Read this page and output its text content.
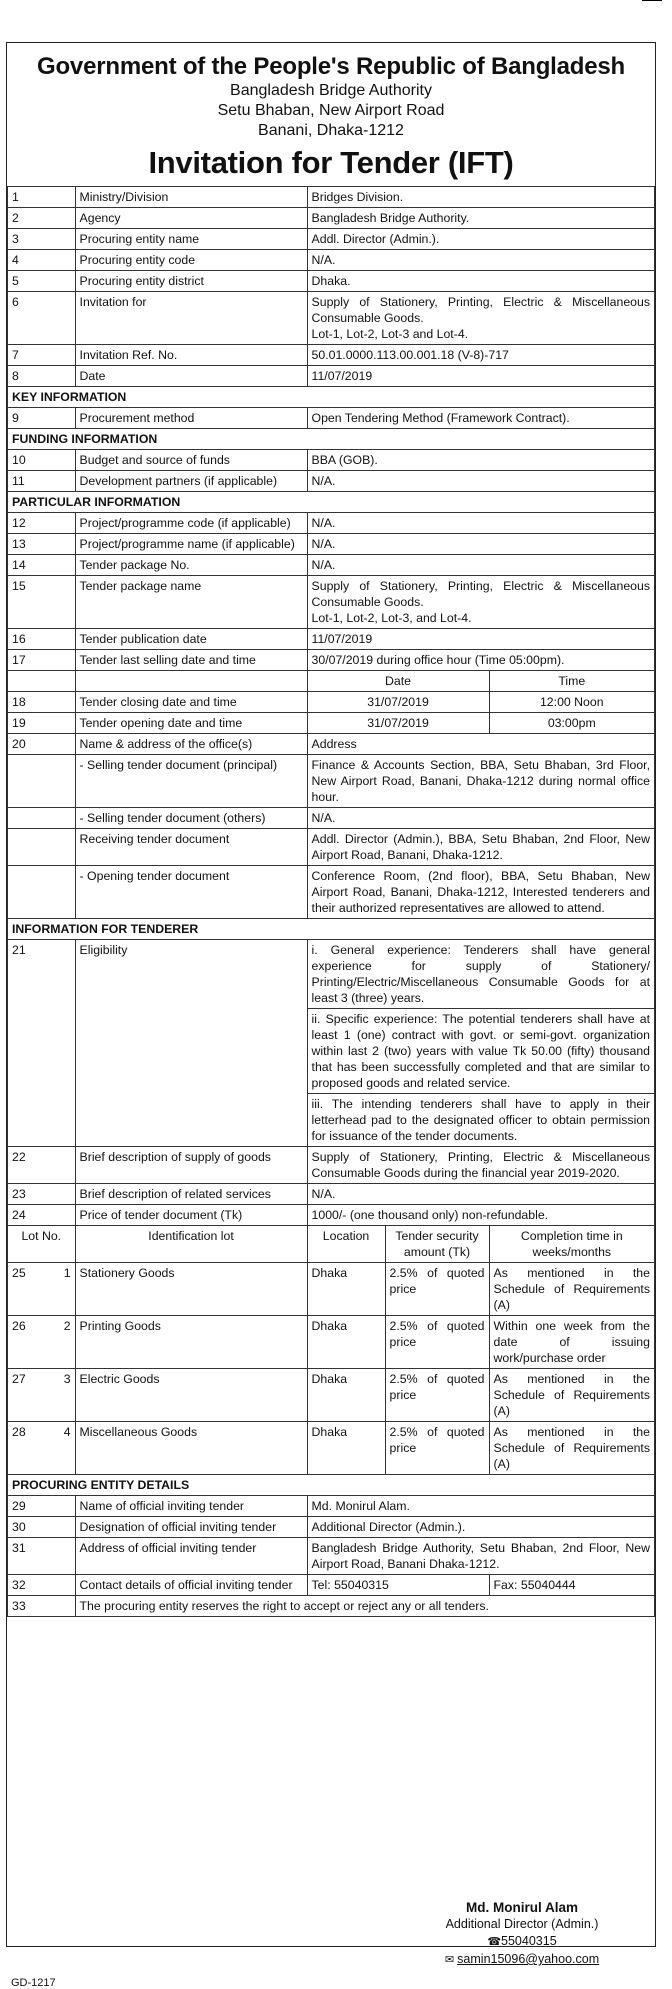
Government of the People's Republic of Bangladesh
Bangladesh Bridge Authority
Setu Bhaban, New Airport Road
Banani, Dhaka-1212
Invitation for Tender (IFT)
1	Ministry/Division	Bridges Division.		
2	Agency	Bangladesh Bridge Authority.		
3	Procuring entity name	Addl. Director (Admin.).		
4	Procuring entity code	N/A.		
5	Procuring entity district	Dhaka.		
6	Invitation for	Supply of Stationery, Printing, Electric & Miscellaneous Consumable Goods.
Lot-1, Lot-2, Lot-3 and Lot-4.		

7	Invitation Ref. No.	50.01.0000.113.00.001.18 (V-8)-717		
8	Date	11/07/2019		
KEY INFORMATION				
9	Procurement method	Open Tendering Method (Framework Contract).		
FUNDING INFORMATION				
10	Budget and source of funds	BBA (GOB).		
11	Development partners (if applicable)	N/A.		
PARTICULAR INFORMATION				
12	Project/programme code (if applicable)	N/A.		
13	Project/programme name (if applicable)	N/A.		
14	Tender package No.	N/A.		
15	Tender package name	Supply of Stationery, Printing, Electric & Miscellaneous Consumable Goods.
Lot-1, Lot-2, Lot-3, and Lot-4.		

16	Tender publication date	11/07/2019		
17	Tender last selling date and time	30/07/2019 during office hour (Time 05:00pm).		
		Date		Time
18	Tender closing date and time	31/07/2019		12:00 Noon
19	Tender opening date and time	31/07/2019		03:00pm
20	Name & address of the office(s)	Address		
	- Selling tender document (principal)	Finance & Accounts Section, BBA, Setu Bhaban, 3rd Floor, New Airport Road, Banani, Dhaka-1212 during normal office hour.		
	- Selling tender document (others)	N/A.		
	Receiving tender document	Addl. Director (Admin.), BBA, Setu Bhaban, 2nd Floor, New Airport Road, Banani, Dhaka-1212.		
	- Opening tender document	Conference Room, (2nd floor), BBA, Setu Bhaban, New Airport Road, Banani, Dhaka-1212, Interested tenderers and their authorized representatives are allowed to attend.		
INFORMATION FOR TENDERER				
21	Eligibility	i. General experience: Tenderers shall have general experience for supply of Stationery/ Printing/Electric/Miscellaneous Consumable Goods for at least 3 (three) years.		
		ii. Specific experience: The potential tenderers shall have at least 1 (one) contract with govt. or semi-govt. organization within last 2 (two) years with value Tk 50.00 (fifty) thousand that has been successfully completed and that are similar to proposed goods and related service.		
		iii. The intending tenderers shall have to apply in their letterhead pad to the designated officer to obtain permission for issuance of the tender documents.		
22	Brief description of supply of goods	Supply of Stationery, Printing, Electric & Miscellaneous Consumable Goods during the financial year 2019-2020.		
23	Brief description of related services	N/A.		
24	Price of tender document (Tk)	1000/- (one thousand only) non-refundable.		
Lot No.	Identification lot	Location	Tender security amount (Tk)	Completion time in weeks/months
25 1	Stationery Goods	Dhaka	2.5% of quoted price	As mentioned in the Schedule of Requirements (A)
26 2	Printing Goods	Dhaka	2.5% of quoted price	Within one week from the date of issuing work/purchase order
27 3	Electric Goods	Dhaka	2.5% of quoted price	As mentioned in the Schedule of Requirements (A)
28 4	Miscellaneous Goods	Dhaka	2.5% of quoted price	As mentioned in the Schedule of Requirements (A)
PROCURING ENTITY DETAILS				
29	Name of official inviting tender	Md. Monirul Alam.		
30	Designation of official inviting tender	Additional Director (Admin.).		
31	Address of official inviting tender	Bangladesh Bridge Authority, Setu Bhaban, 2nd Floor, New Airport Road, Banani Dhaka-1212.		
32	Contact details of official inviting tender	Tel: 55040315		Fax: 55040444
33	The procuring entity reserves the right to accept or reject any or all tenders.			
Md. Monirul Alam
Additional Director (Admin.)
☎55040315
✉ samin15096@yahoo.com
GD-1217
